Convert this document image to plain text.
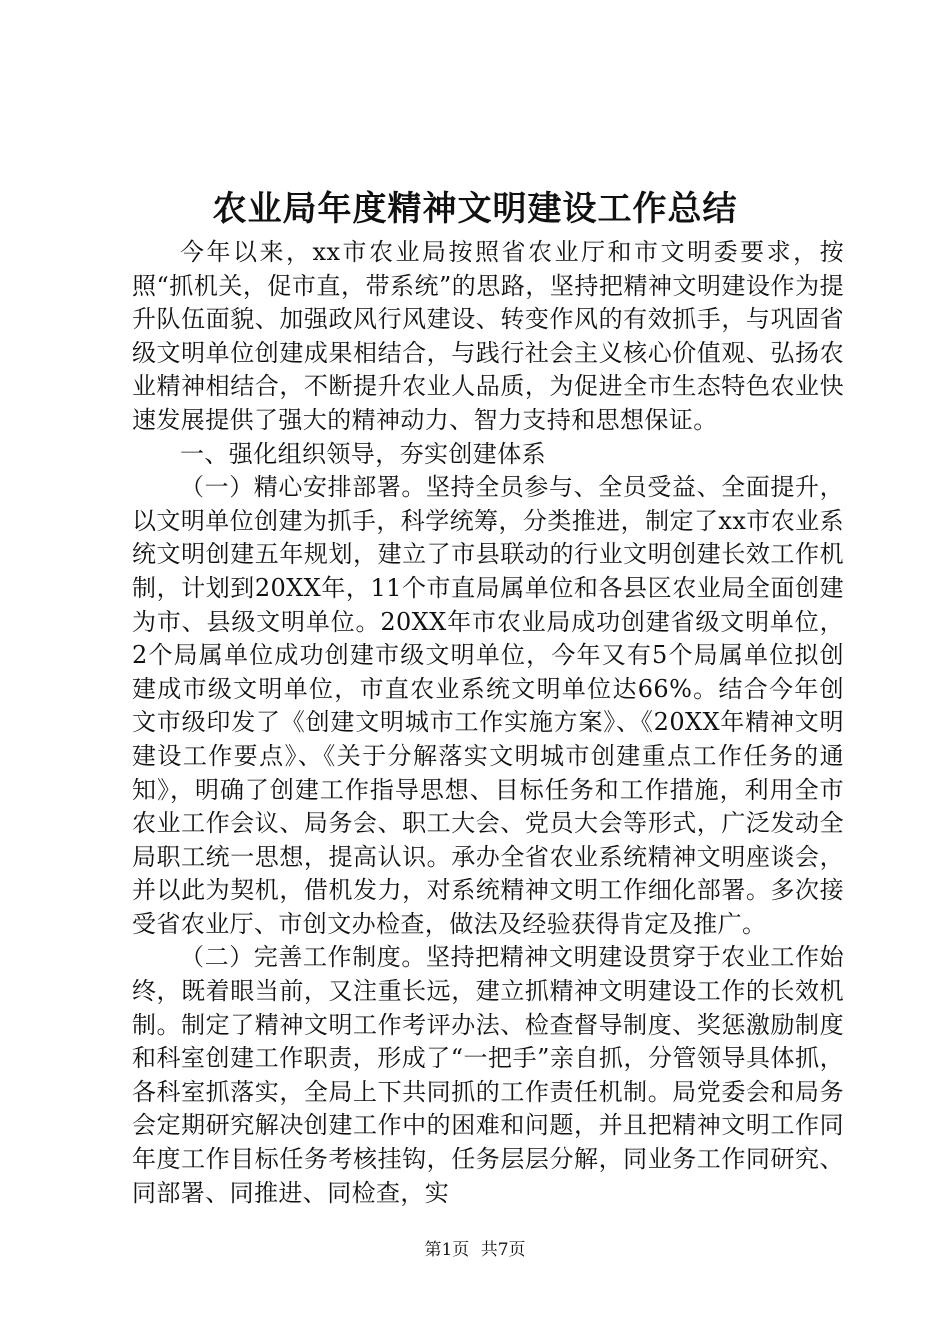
农业局年度精神文明建设工作总结

今年以来，xx市农业局按照省农业厅和市文明委要求，按照“抓机关，促市直，带系统”的思路，坚持把精神文明建设作为提升队伍面貌、加强政风行风建设、转变作风的有效抓手，与巩固省级文明单位创建成果相结合，与践行社会主义核心价值观、弘扬农业精神相结合，不断提升农业人品质，为促进全市生态特色农业快速发展提供了强大的精神动力、智力支持和思想保证。

一、强化组织领导，夯实创建体系

（一）精心安排部署。坚持全员参与、全员受益、全面提升，以文明单位创建为抓手，科学统筹，分类推进，制定了xx市农业系统文明创建五年规划，建立了市县联动的行业文明创建长效工作机制，计划到20XX年，11个市直局属单位和各县区农业局全面创建为市、县级文明单位。20XX年市农业局成功创建省级文明单位，2个局属单位成功创建市级文明单位，今年又有5个局属单位拟创建成市级文明单位，市直农业系统文明单位达66%。结合今年创文市级印发了《创建文明城市工作实施方案》、《20XX年精神文明建设工作要点》、《关于分解落实文明城市创建重点工作任务的通知》，明确了创建工作指导思想、目标任务和工作措施，利用全市农业工作会议、局务会、职工大会、党员大会等形式，广泛发动全局职工统一思想，提高认识。承办全省农业系统精神文明座谈会，并以此为契机，借机发力，对系统精神文明工作细化部署。多次接受省农业厅、市创文办检查，做法及经验获得肯定及推广。

（二）完善工作制度。坚持把精神文明建设贯穿于农业工作始终，既着眼当前，又注重长远，建立抓精神文明建设工作的长效机制。制定了精神文明工作考评办法、检查督导制度、奖惩激励制度和科室创建工作职责，形成了“一把手”亲自抓，分管领导具体抓，各科室抓落实，全局上下共同抓的工作责任机制。局党委会和局务会定期研究解决创建工作中的困难和问题，并且把精神文明工作同年度工作目标任务考核挂钩，任务层层分解，同业务工作同研究、同部署、同推进、同检查，实

第1页 共7页
